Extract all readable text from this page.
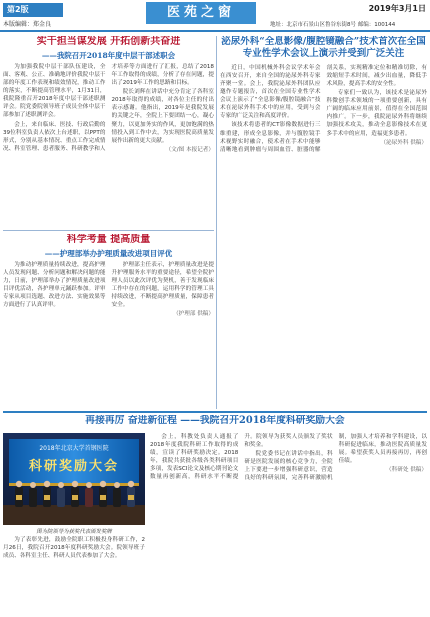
第2版
本版编辑：郑金良
医苑之窗	2019年3月1日
地址：北京市石景山区鲁谷东街8号 邮编：100144
实干担当谋发展 开拓创新共奋进
——我院召开2018年度中层干部述职会

为加强我院中层干部队伍建设，全面、客观、公正、准确地评价我院中层干部的年度工作表现和绩效情况，推动工作的落实，不断提高管理水平，1月31日，我院隆重召开2018年度中层干部述职测评会。院党委院领导班子成员全体中层干部参加了述职测评会。

会上，来自临床、医技、行政后勤的39位科室负责人依次上台述职，以PPT的形式，分别从基本情况、重点工作完成情况、科室管理、患者服务、科研教学和人才培养等方面进行了汇报，总结了2018年工作取得的成绩，分析了存在问题，提出了2019年工作的思路和目标。

院长刘辉在讲话中充分肯定了各科室2018年取得的成绩，对各位主任的付出表示感谢。他指出，2019年是我院发展的关键之年，全院上下要团结一心，凝心聚力，以更加务实的作风，更加饱满的热情投入到工作中去，为实现医院高质量发展作出新的更大贡献。

（文/图 本报记者）
泌尿外科“全息影像/腹腔镜融合”技术首次在全国专业性学术会议上演示并受到广泛关注

近日，中国机械外科会议学术年会在西安召开，来自全国的泌尿外科专家齐聚一堂。会上，我院泌尿外科团队应邀作专题报告，首次在全国专业性学术会议上演示了“全息影像/腹腔镜融合”技术在泌尿外科手术中的应用，受到与会专家的广泛关注和高度评价。

该技术将患者的CT影像数据进行三维重建，形成全息影像，并与腹腔镜手术视野实时融合，使术者在手术中能够清晰地看到肿瘤与周围血管、脏器的解剖关系，实现精准定位和精准切除，有效缩短手术时间，减少出血量，降低手术风险，提高手术的安全性。

专家们一致认为，该技术是泌尿外科微创手术领域的一项重要创新，具有广阔的临床应用前景，值得在全国范围内推广。下一步，我院泌尿外科将继续加强技术攻关，推动全息影像技术在更多手术中的应用，造福更多患者。

（泌尿外科 供稿）
科学考量 提高质量
——护理部举办护理质量改进项目评优

为推动护理质量持续改进，提高护理人员发现问题、分析问题和解决问题的能力，日前，护理部举办了护理质量改进项目评优活动，各护理单元踊跃参加。评审专家从项目选题、改进方法、实施效果等方面进行了认真评审。

护理部主任表示，护理质量改进是提升护理服务水平的重要途径，希望全院护理人员以此次评优为契机，善于发现临床工作中存在的问题，运用科学的管理工具持续改进，不断提高护理质量，保障患者安全。

（护理部 供稿）
再接再厉 奋进新征程 ——我院召开2018年度科研奖励大会
2018年北京大学首钢医院
科研奖励大会
图为院领导为获奖代表颁发奖牌

为了表彰先进，鼓励全院职工积极投身科研工作，2月26日，我院召开2018年度科研奖励大会。院领导班子成员、各科室主任、科研人员代表参加了大会。

会上，科教处负责人通报了2018年度我院科研工作取得的成绩，宣读了科研奖励决定。2018年，我院共获批各级各类科研项目多项，发表SCI论文及核心期刊论文数量再创新高，科研水平不断提升。院领导为获奖人员颁发了奖状和奖金。

院党委书记在讲话中指出，科研是医院发展的核心竞争力，全院上下要进一步增强科研意识，营造良好的科研氛围，完善科研激励机制，加强人才培养和学科建设，以科研促进临床，推动医院高质量发展。希望获奖人员再接再厉，再创佳绩。

（科研处 供稿）
